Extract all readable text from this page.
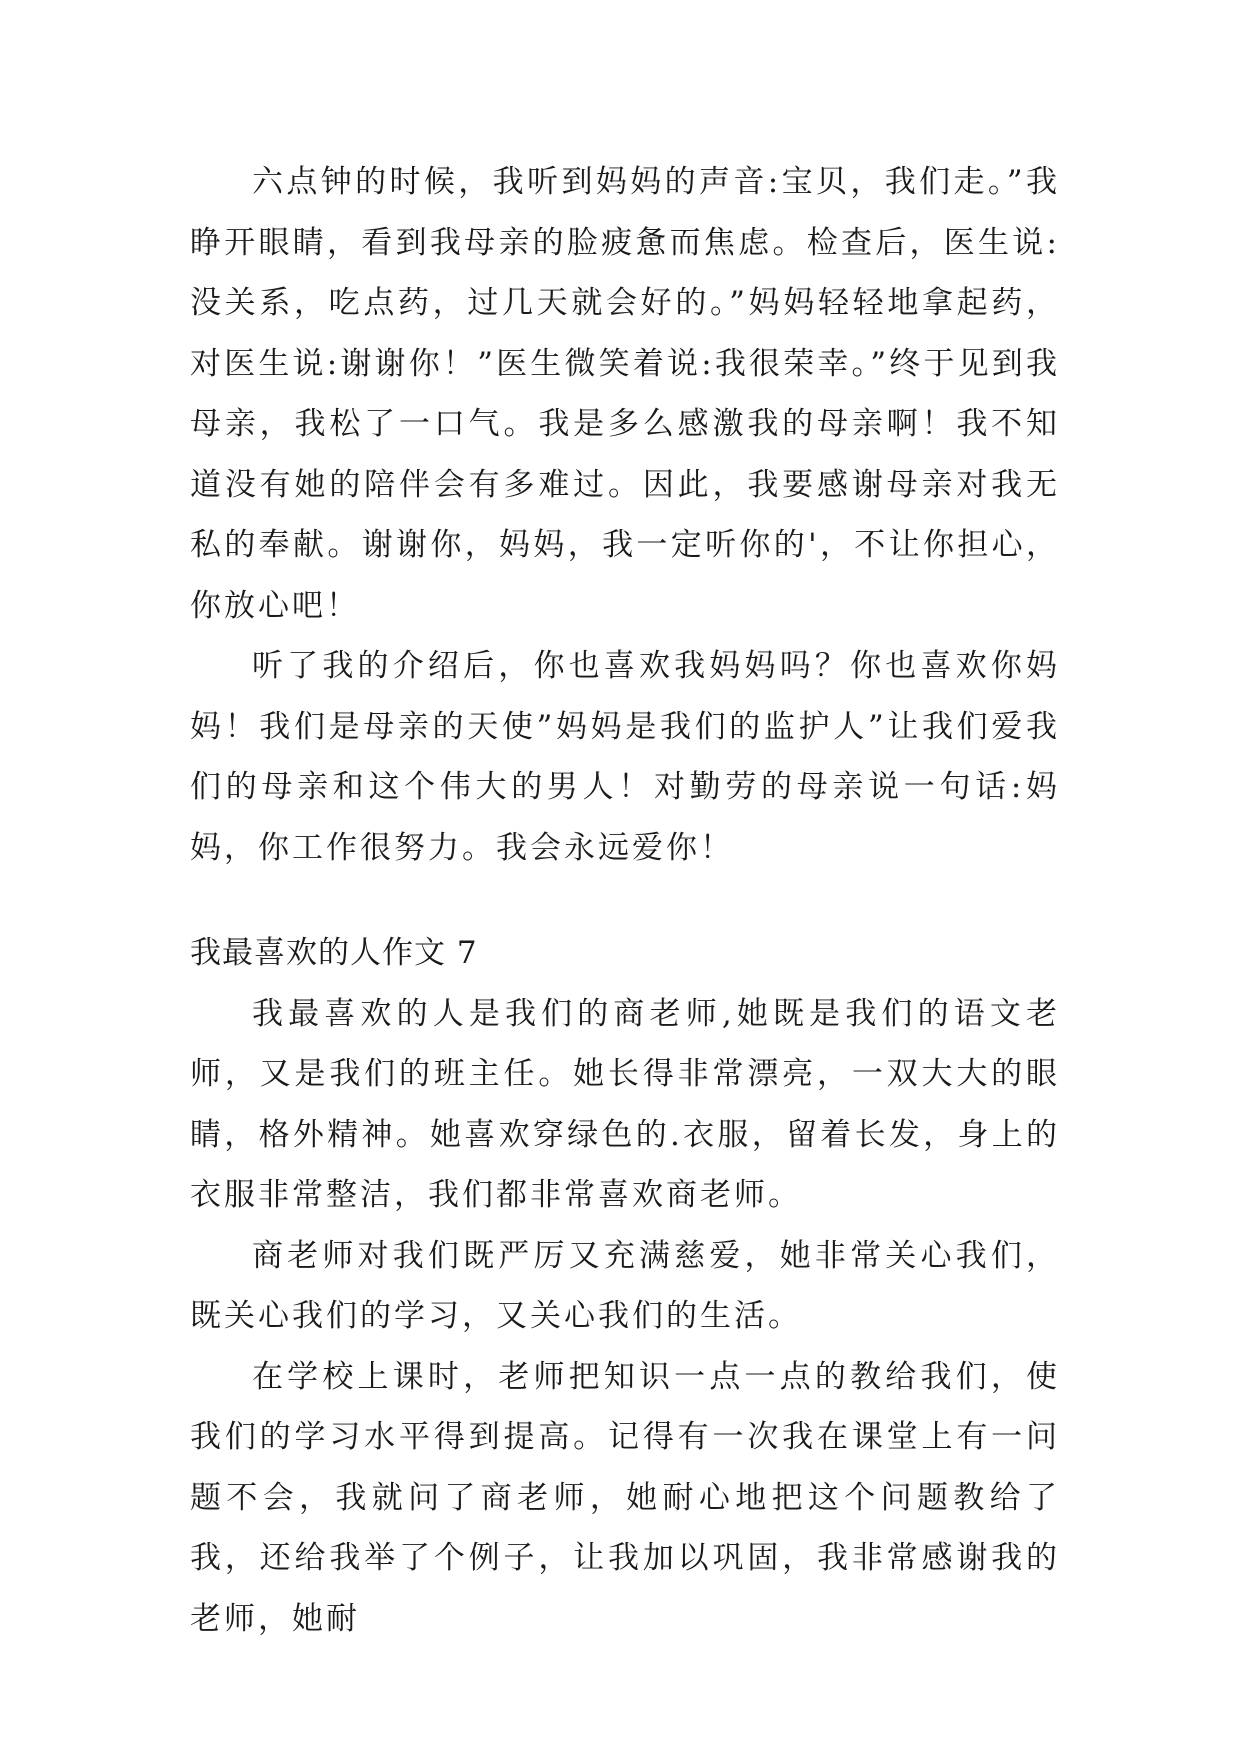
六点钟的时候，我听到妈妈的声音:宝贝，我们走。”我睁开眼睛，看到我母亲的脸疲惫而焦虑。检查后，医生说:没关系，吃点药，过几天就会好的。”妈妈轻轻地拿起药，对医生说:谢谢你！”医生微笑着说:我很荣幸。”终于见到我母亲，我松了一口气。我是多么感激我的母亲啊！我不知道没有她的陪伴会有多难过。因此，我要感谢母亲对我无私的奉献。谢谢你，妈妈，我一定听你的'，不让你担心，你放心吧！

听了我的介绍后，你也喜欢我妈妈吗？你也喜欢你妈妈！我们是母亲的天使”妈妈是我们的监护人”让我们爱我们的母亲和这个伟大的男人！对勤劳的母亲说一句话:妈妈，你工作很努力。我会永远爱你！

我最喜欢的人作文 7

我最喜欢的人是我们的商老师,她既是我们的语文老师，又是我们的班主任。她长得非常漂亮，一双大大的眼睛，格外精神。她喜欢穿绿色的.衣服，留着长发，身上的衣服非常整洁，我们都非常喜欢商老师。

商老师对我们既严厉又充满慈爱，她非常关心我们，既关心我们的学习，又关心我们的生活。

在学校上课时，老师把知识一点一点的教给我们，使我们的学习水平得到提高。记得有一次我在课堂上有一问题不会，我就问了商老师，她耐心地把这个问题教给了我，还给我举了个例子，让我加以巩固，我非常感谢我的老师，她耐
